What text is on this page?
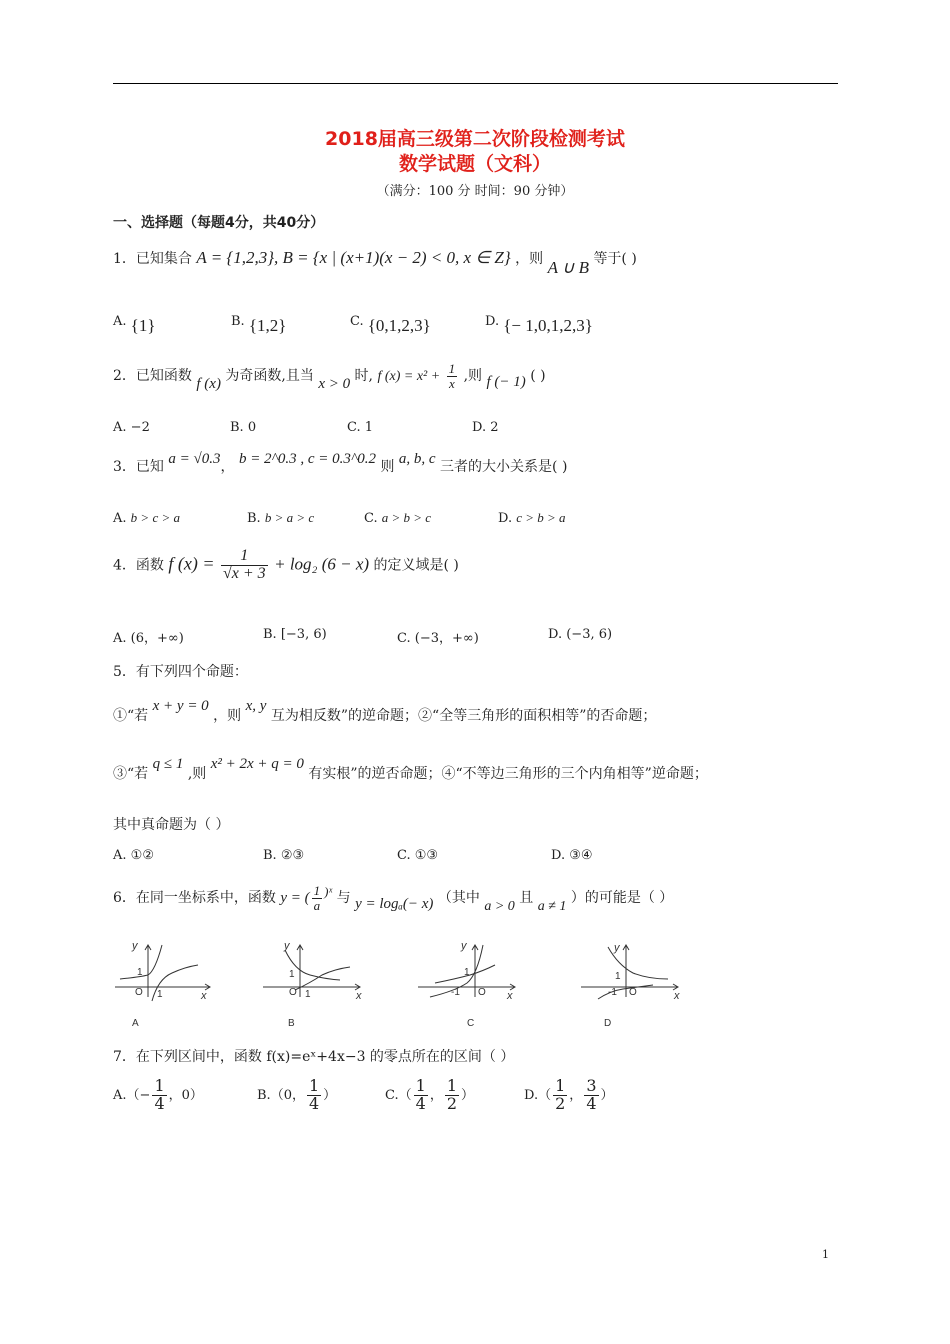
2018届高三级第二次阶段检测考试
数学试题（文科）
（满分：100 分 时间：90 分钟）
一、选择题（每题4分，共40分）
1．已知集合 A = {1,2,3}, B = {x | (x+1)(x − 2) < 0, x ∈ Z} ，则 A ∪ B 等于( )
A. {1}	B. {1,2}	C. {0,1,2,3}	D. {− 1,0,1,2,3}
2．已知函数 f (x) 为奇函数,且当 x > 0 时, f $(x) = x^2 + \frac{1}{x}$ ,则 f (− 1) ( )
A. −2	B. 0	C. 1	D. 2
3．已知 a = √0.3， b = 2^0.3 , c = 0.3^0.2 则 a, b, c 三者的大小关系是( )
A. b > c > a	B. b > a > c	C. a > b > c	D. c > b > a
4．函数 f $(x) = \frac{1}{√x + 3} + \log_2$ (6 − x) 的定义域是( )
A. (6，+∞)	B. [−3, 6)	C. (−3，+∞)	D. (−3, 6)
5．有下列四个命题：
①“若 x + y = 0 ，则 x, y 互为相反数”的逆命题；②“全等三角形的面积相等”的否命题；
③“若 q ≤ 1 ,则 x² + 2x + q = 0 有实根”的逆否命题；④“不等边三角形的三个内角相等”逆命题；
其中真命题为（ ）
A. ①②	B. ②③	C. ①③	D. ③④
6．在同一坐标系中，函数 y = ( $\frac{1}{a}$ )ˣ 与 y = logₐ(− x) （其中 a > 0 且 a ≠ 1 ）的可能是（ ）
y
x
1
O 1
A
y
x
1
O 1
B
y
x
1
O
-1
C
y
x
1
O
-1
D
7．在下列区间中，函数 f(x)=eˣ+4x−3 的零点所在的区间（ ）
$A.(- \frac{1}{4}$ ，0）	B.（0， $\frac{1}{4}$ ）	$C.( \frac{1}{4}$ ， $\frac{1}{2}$ ）	$D.( \frac{1}{2}$ ， $\frac{3}{4}$ ）
1
